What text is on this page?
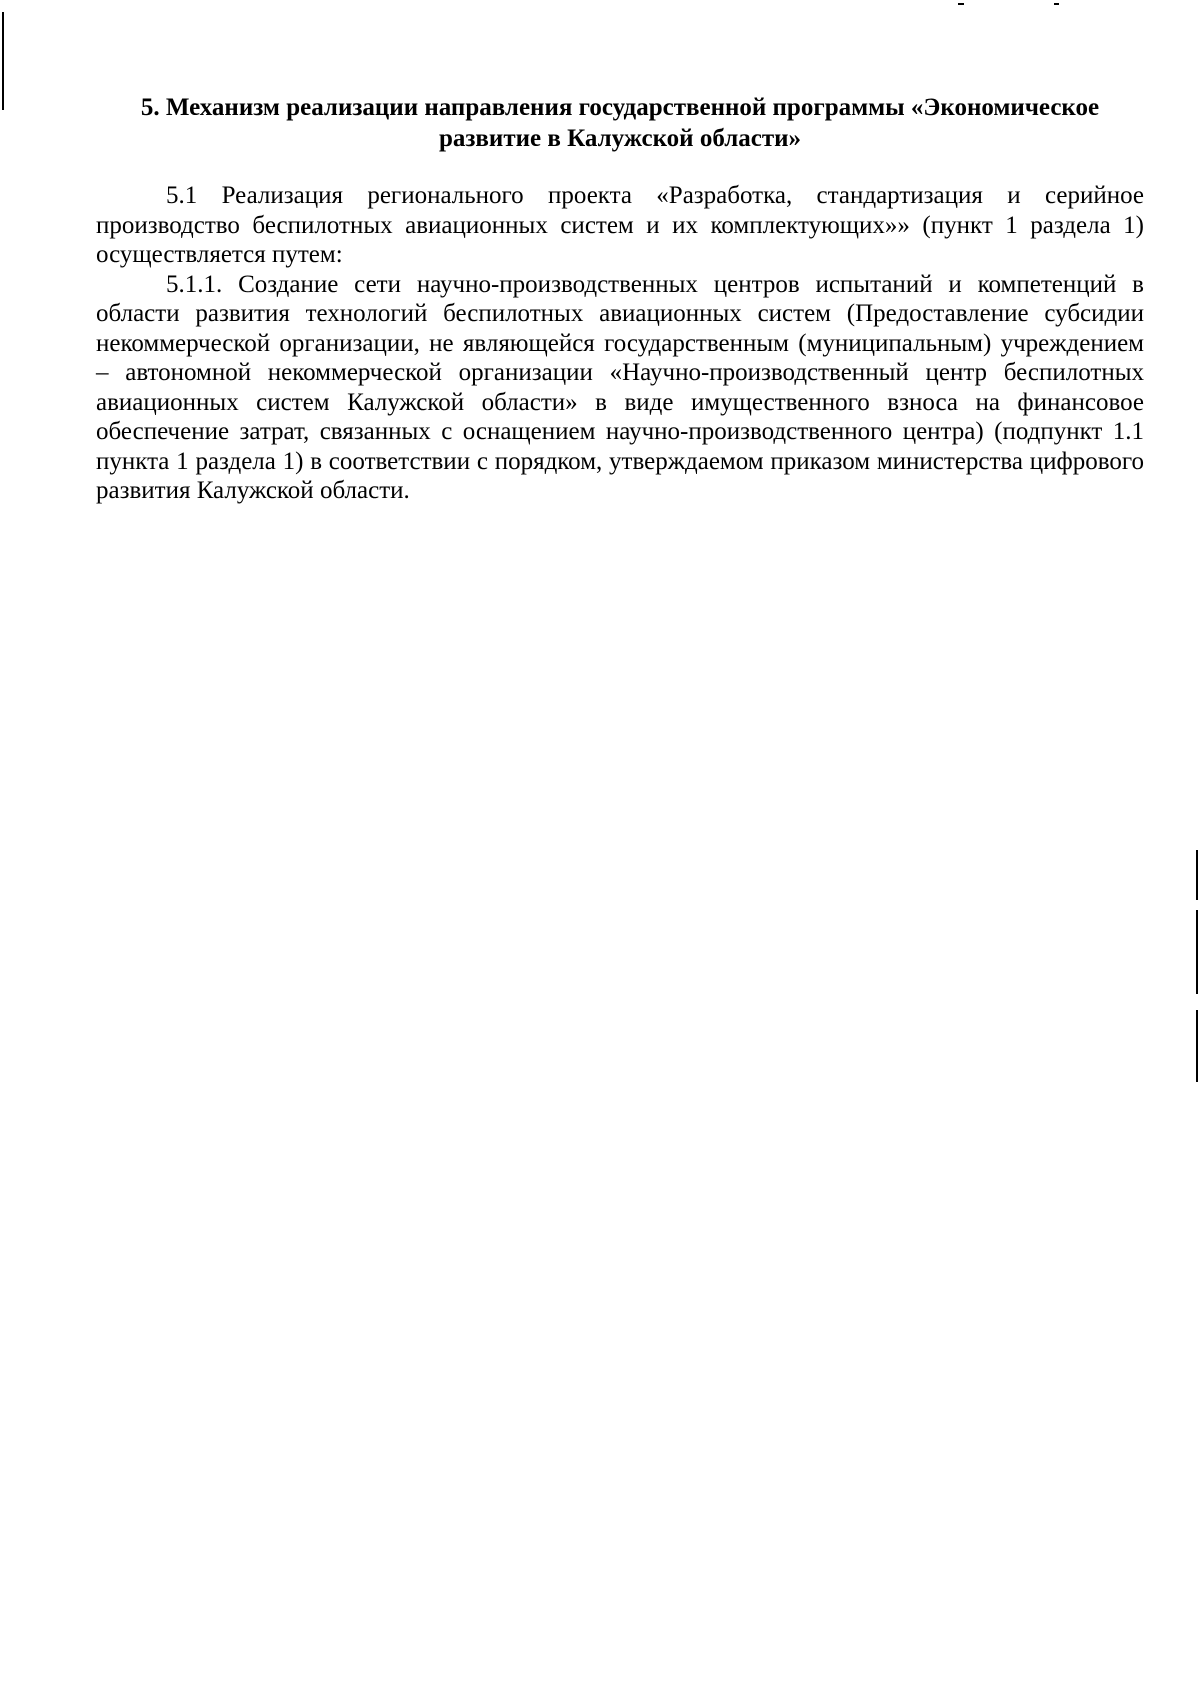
5. Механизм реализации направления государственной программы «Экономическое развитие в Калужской области»

5.1 Реализация регионального проекта «Разработка, стандартизация и серийное производство беспилотных авиационных систем и их комплектующих»» (пункт 1 раздела 1) осуществляется путем:

5.1.1. Создание сети научно-производственных центров испытаний и компетенций в области развития технологий беспилотных авиационных систем (Предоставление субсидии некоммерческой организации, не являющейся государственным (муниципальным) учреждением – автономной некоммерческой организации «Научно-производственный центр беспилотных авиационных систем Калужской области» в виде имущественного взноса на финансовое обеспечение затрат, связанных с оснащением научно-производственного центра) (подпункт 1.1 пункта 1 раздела 1) в соответствии с порядком, утверждаемом приказом министерства цифрового развития Калужской области.
